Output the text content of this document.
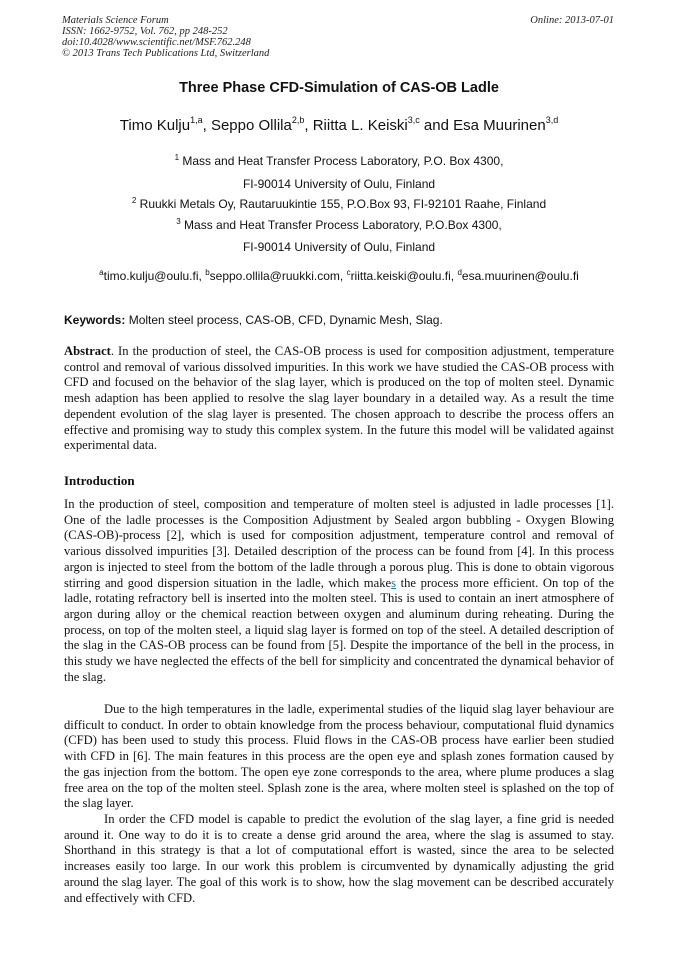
Materials Science Forum
ISSN: 1662-9752, Vol. 762, pp 248-252
doi:10.4028/www.scientific.net/MSF.762.248
© 2013 Trans Tech Publications Ltd, Switzerland
Online: 2013-07-01
Three Phase CFD-Simulation of CAS-OB Ladle
Timo Kulju$^{1,a}$, Seppo Ollila$^{2,b}$, Riitta L. Keiski$^{3,c}$ and Esa Muurinen$^{3,d}$
$^1$ Mass and Heat Transfer Process Laboratory, P.O. Box 4300,
FI-90014 University of Oulu, Finland
$^2$ Ruukki Metals Oy, Rautaruukintie 155, P.O.Box 93, FI-92101 Raahe, Finland
$^3$ Mass and Heat Transfer Process Laboratory, P.O.Box 4300,
FI-90014 University of Oulu, Finland
$^a$timo.kulju@oulu.fi, $^b$seppo.ollila@ruukki.com, $^c$riitta.keiski@oulu.fi, $^d$esa.muurinen@oulu.fi
Keywords: Molten steel process, CAS-OB, CFD, Dynamic Mesh, Slag.
Abstract. In the production of steel, the CAS-OB process is used for composition adjustment, temperature control and removal of various dissolved impurities. In this work we have studied the CAS-OB process with CFD and focused on the behavior of the slag layer, which is produced on the top of molten steel. Dynamic mesh adaption has been applied to resolve the slag layer boundary in a detailed way. As a result the time dependent evolution of the slag layer is presented. The chosen approach to describe the process offers an effective and promising way to study this complex system. In the future this model will be validated against experimental data.
Introduction
In the production of steel, composition and temperature of molten steel is adjusted in ladle processes [1]. One of the ladle processes is the Composition Adjustment by Sealed argon bubbling - Oxygen Blowing (CAS-OB)-process [2], which is used for composition adjustment, temperature control and removal of various dissolved impurities [3]. Detailed description of the process can be found from [4]. In this process argon is injected to steel from the bottom of the ladle through a porous plug. This is done to obtain vigorous stirring and good dispersion situation in the ladle, which makes the process more efficient. On top of the ladle, rotating refractory bell is inserted into the molten steel. This is used to contain an inert atmosphere of argon during alloy or the chemical reaction between oxygen and aluminum during reheating. During the process, on top of the molten steel, a liquid slag layer is formed on top of the steel. A detailed description of the slag in the CAS-OB process can be found from [5]. Despite the importance of the bell in the process, in this study we have neglected the effects of the bell for simplicity and concentrated the dynamical behavior of the slag.
Due to the high temperatures in the ladle, experimental studies of the liquid slag layer behaviour are difficult to conduct. In order to obtain knowledge from the process behaviour, computational fluid dynamics (CFD) has been used to study this process. Fluid flows in the CAS-OB process have earlier been studied with CFD in [6]. The main features in this process are the open eye and splash zones formation caused by the gas injection from the bottom. The open eye zone corresponds to the area, where plume produces a slag free area on the top of the molten steel. Splash zone is the area, where molten steel is splashed on the top of the slag layer.
In order the CFD model is capable to predict the evolution of the slag layer, a fine grid is needed around it. One way to do it is to create a dense grid around the area, where the slag is assumed to stay. Shorthand in this strategy is that a lot of computational effort is wasted, since the area to be selected increases easily too large. In our work this problem is circumvented by dynamically adjusting the grid around the slag layer. The goal of this work is to show, how the slag movement can be described accurately and effectively with CFD.
